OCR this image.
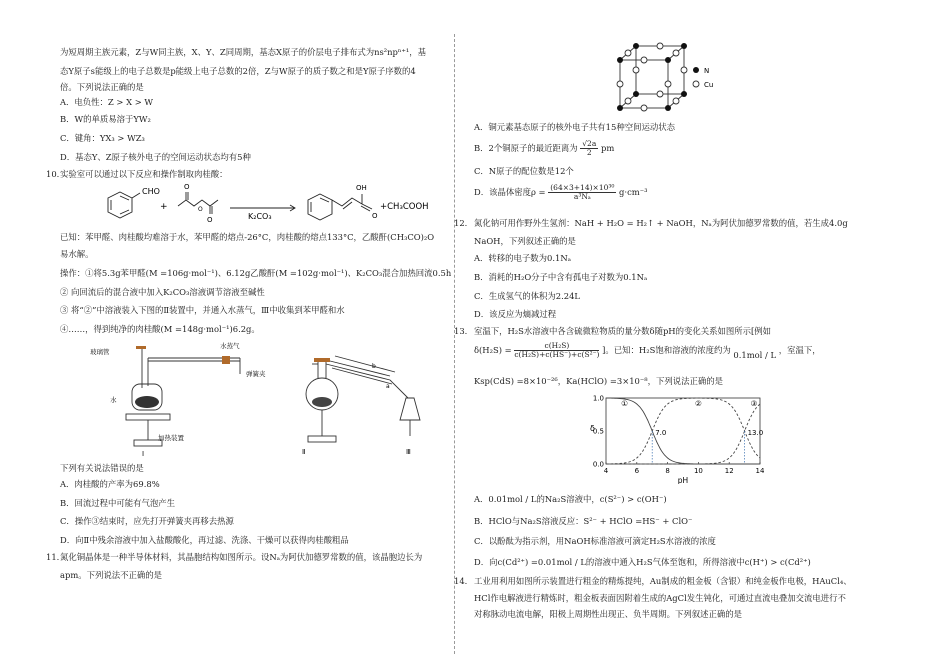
为短周期主族元素，Z与W同主族，X、Y、Z同周期，基态X原子的价层电子排布式为ns²npⁿ⁺¹，基
态Y原子s能级上的电子总数是p能级上电子总数的2倍，Z与W原子的质子数之和是Y原子序数的4
倍。下列说法正确的是
A．电负性：Z > X > W
B．W的单质易溶于YW₂
C．键角：YX₃ > WZ₃
D．基态Y、Z原子核外电子的空间运动状态均有5种
10. 实验室可以通过以下反应和操作制取肉桂酸：
CHO
+
O
O
O
K₂CO₃
OH
O
+CH₃COOH
已知：苯甲醛、肉桂酸均难溶于水，苯甲醛的熔点-26°C，肉桂酸的熔点133°C，乙酸酐(CH₃CO)₂O
易水解。
操作：①将5.3g苯甲醛(M =106g·mol⁻¹)、6.12g乙酸酐(M =102g·mol⁻¹)、K₂CO₃混合加热回流0.5h
② 向回流后的混合液中加入K₂CO₃溶液调节溶液至碱性
③ 将“②”中溶液装入下图的Ⅱ装置中，并通入水蒸气，Ⅲ中收集到苯甲醛和水
④……，得到纯净的肉桂酸(M =148g·mol⁻¹)6.2g。
玻璃管
水蒸气
弹簧夹
水
加热装置
a
b
Ⅰ	Ⅱ	Ⅲ
下列有关说法错误的是
A．肉桂酸的产率为69.8%
B．回流过程中可能有气泡产生
C．操作③结束时，应先打开弹簧夹再移去热源
D．向Ⅱ中残余溶液中加入盐酸酸化，再过滤、洗涤、干燥可以获得肉桂酸粗品
11. 氮化铜晶体是一种半导体材料，其晶胞结构如图所示。设Nₐ为阿伏加德罗常数的值，该晶胞边长为
apm。下列说法不正确的是
N
Cu
A．铜元素基态原子的核外电子共有15种空间运动状态
B．2个铜原子的最近距离为 $\frac{√2a}{2}$ pm
C．N原子的配位数是12个
D．该晶体密度$\rho = \frac{\text{(64×3+14)×10³⁰}}{\text{a³Nₐ}} g\cdot cm^{-3}$
12. 氮化钠可用作野外生氢剂：NaH + H₂O = H₂↑ + NaOH，Nₐ为阿伏加德罗常数的值，若生成4.0g
NaOH，下列叙述正确的是
A．转移的电子数为0.1Nₐ
B．消耗的H₂O分子中含有孤电子对数为0.1Nₐ
C．生成氢气的体积为2.24L
D．该反应为熵减过程
13. 室温下，H₂S水溶液中各含硫微粒物质的量分数δ随pH的变化关系如图所示[例如
$\delta(H_2S) = \frac{\text{c(H₂S)}}{\text{c(H₂S)+c(HS⁻)+c(S²⁻)}}$ ]。已知：H₂S饱和溶液的浓度约为 0.1mol / L ，室温下，
Ksp(CdS) =8×10⁻²⁶，Ka(HClO) =3×10⁻⁸，下列说法正确的是
4	6	8	10	12	14
0.0
0.5
1.0
pH
δ
①	②	③
7.0	13.0
A．0.01mol / L的Na₂S溶液中，c(S²⁻) > c(OH⁻)
B．HClO与Na₂S溶液反应：S²⁻ + HClO =HS⁻ + ClO⁻
C．以酚酞为指示剂，用NaOH标准溶液可滴定H₂S水溶液的浓度
D．向c(Cd²⁺) =0.01mol / L的溶液中通入H₂S气体至饱和，所得溶液中c(H⁺) > c(Cd²⁺)
14. 工业用利用如图所示装置进行粗金的精炼提纯，Au制成的粗金板（含银）和纯金板作电极，HAuCl₄、
HCl作电解液进行精炼时，粗金板表面因附着生成的AgCl发生钝化，可通过直流电叠加交流电进行不
对称脉动电流电解，阳极上周期性出现正、负半周期。下列叙述正确的是
